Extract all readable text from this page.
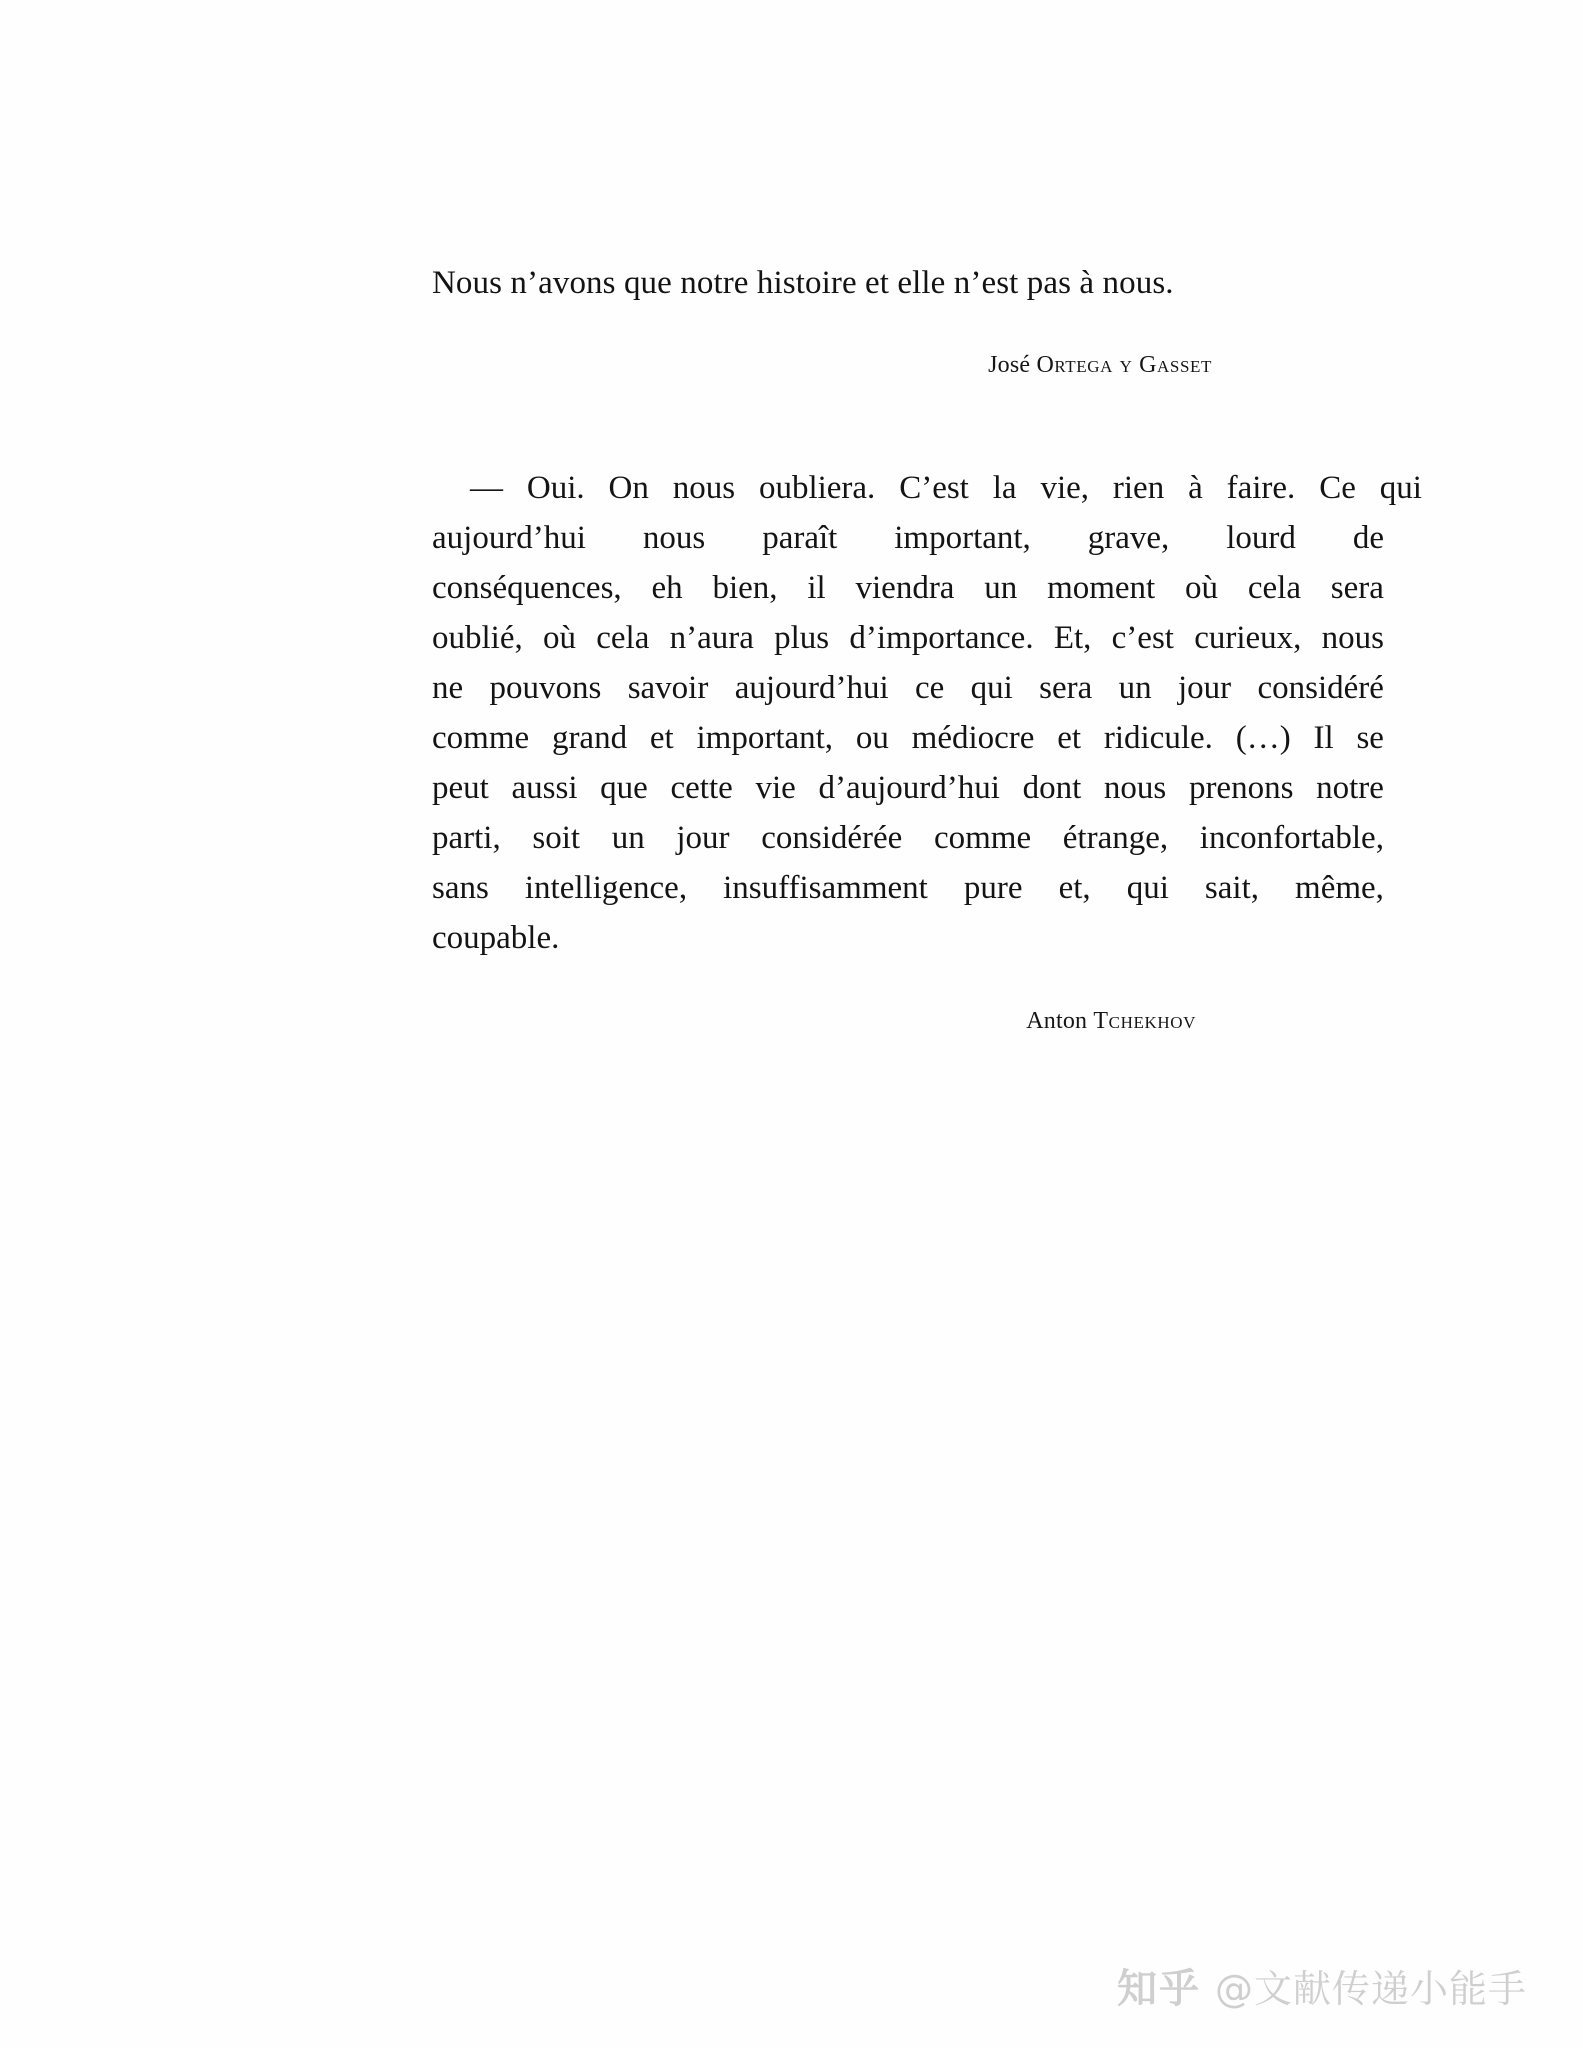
Nous n’avons que notre histoire et elle n’est pas à nous.

José Ortega y Gasset
— Oui. On nous oubliera. C’est la vie, rien à faire. Ce qui
aujourd’hui nous paraît important, grave, lourd de
conséquences, eh bien, il viendra un moment où cela sera
oublié, où cela n’aura plus d’importance. Et, c’est curieux, nous
ne pouvons savoir aujourd’hui ce qui sera un jour considéré
comme grand et important, ou médiocre et ridicule. (…) Il se
peut aussi que cette vie d’aujourd’hui dont nous prenons notre
parti, soit un jour considérée comme étrange, inconfortable,
sans intelligence, insuffisamment pure et, qui sait, même,
coupable.
Anton Tchekhov
知乎 @文献传递小能手
